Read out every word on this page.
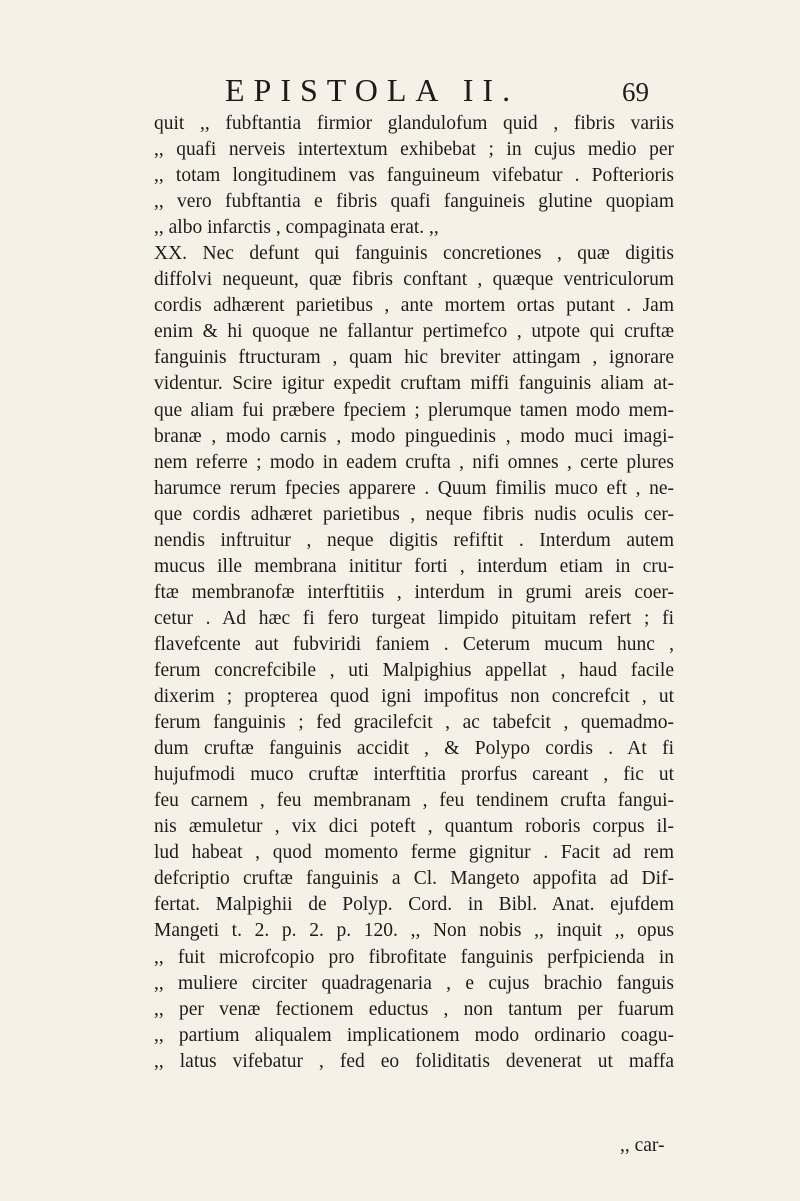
EPISTOLA II.	69
quit ,, fubftantia firmior glandulofum quid , fibris variis
,, quafi nerveis intertextum exhibebat ; in cujus medio per
,, totam longitudinem vas fanguineum vifebatur . Pofterioris
,, vero fubftantia e fibris quafi fanguineis glutine quopiam
,, albo infarctis , compaginata erat. ,,
XX. Nec defunt qui fanguinis concretiones , quæ digitis
diffolvi nequeunt, quæ fibris conftant , quæque ventriculorum
cordis adhærent parietibus , ante mortem ortas putant . Jam
enim & hi quoque ne fallantur pertimefco , utpote qui cruftæ
fanguinis ftructuram , quam hic breviter attingam , ignorare
videntur. Scire igitur expedit cruftam miffi fanguinis aliam at-
que aliam fui præbere fpeciem ; plerumque tamen modo mem-
branæ , modo carnis , modo pinguedinis , modo muci imagi-
nem referre ; modo in eadem crufta , nifi omnes , certe plures
harumce rerum fpecies apparere . Quum fimilis muco eft , ne-
que cordis adhæret parietibus , neque fibris nudis oculis cer-
nendis inftruitur , neque digitis refiftit . Interdum autem
mucus ille membrana inititur forti , interdum etiam in cru-
ftæ membranofæ interftitiis , interdum in grumi areis coer-
cetur . Ad hæc fi fero turgeat limpido pituitam refert ; fi
flavefcente aut fubviridi faniem . Ceterum mucum hunc ,
ferum concrefcibile , uti Malpighius appellat , haud facile
dixerim ; propterea quod igni impofitus non concrefcit , ut
ferum fanguinis ; fed gracilefcit , ac tabefcit , quemadmo-
dum cruftæ fanguinis accidit , & Polypo cordis . At fi
hujufmodi muco cruftæ interftitia prorfus careant , fic ut
feu carnem , feu membranam , feu tendinem crufta fangui-
nis æmuletur , vix dici poteft , quantum roboris corpus il-
lud habeat , quod momento ferme gignitur . Facit ad rem
defcriptio cruftæ fanguinis a Cl. Mangeto appofita ad Dif-
fertat. Malpighii de Polyp. Cord. in Bibl. Anat. ejufdem
Mangeti t. 2. p. 2. p. 120. ,, Non nobis ,, inquit ,, opus
,, fuit microfcopio pro fibrofitate fanguinis perfpicienda in
,, muliere circiter quadragenaria , e cujus brachio fanguis
,, per venæ fectionem eductus , non tantum per fuarum
,, partium aliqualem implicationem modo ordinario coagu-
,, latus vifebatur , fed eo foliditatis devenerat ut maffa
,, car-
